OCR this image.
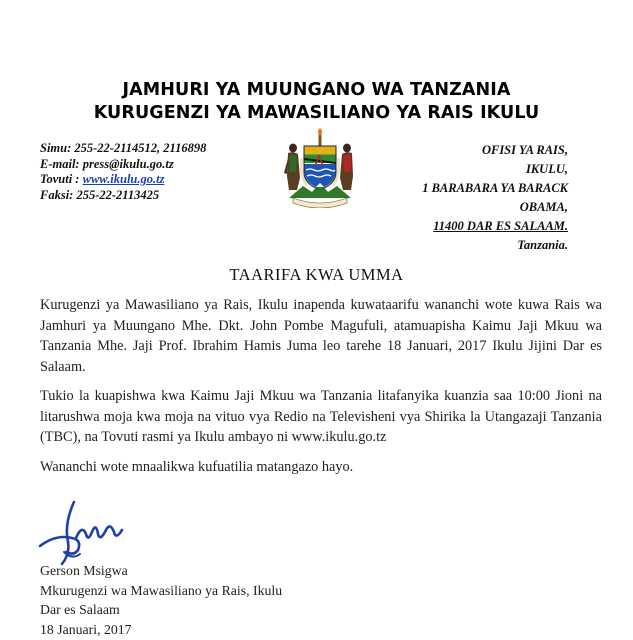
JAMHURI YA MUUNGANO WA TANZANIA
KURUGENZI YA MAWASILIANO YA RAIS IKULU
Simu: 255-22-2114512, 2116898
E-mail: press@ikulu.go.tz
Tovuti : www.ikulu.go.tz
Faksi: 255-22-2113425
OFISI YA RAIS,
IKULU,
1 BARABARA YA BARACK
OBAMA,
11400 DAR ES SALAAM.
Tanzania.
TAARIFA KWA UMMA
Kurugenzi ya Mawasiliano ya Rais, Ikulu inapenda kuwataarifu wananchi wote kuwa Rais wa Jamhuri ya Muungano Mhe. Dkt. John Pombe Magufuli, atamuapisha Kaimu Jaji Mkuu wa Tanzania Mhe. Jaji Prof. Ibrahim Hamis Juma leo tarehe 18 Januari, 2017 Ikulu Jijini Dar es Salaam.
Tukio la kuapishwa kwa Kaimu Jaji Mkuu wa Tanzania litafanyika kuanzia saa 10:00 Jioni na litarushwa moja kwa moja na vituo vya Redio na Televisheni vya Shirika la Utangazaji Tanzania (TBC), na Tovuti rasmi ya Ikulu ambayo ni www.ikulu.go.tz
Wananchi wote mnaalikwa kufuatilia matangazo hayo.
Gerson Msigwa
Mkurugenzi wa Mawasiliano ya Rais, Ikulu
Dar es Salaam
18 Januari, 2017
